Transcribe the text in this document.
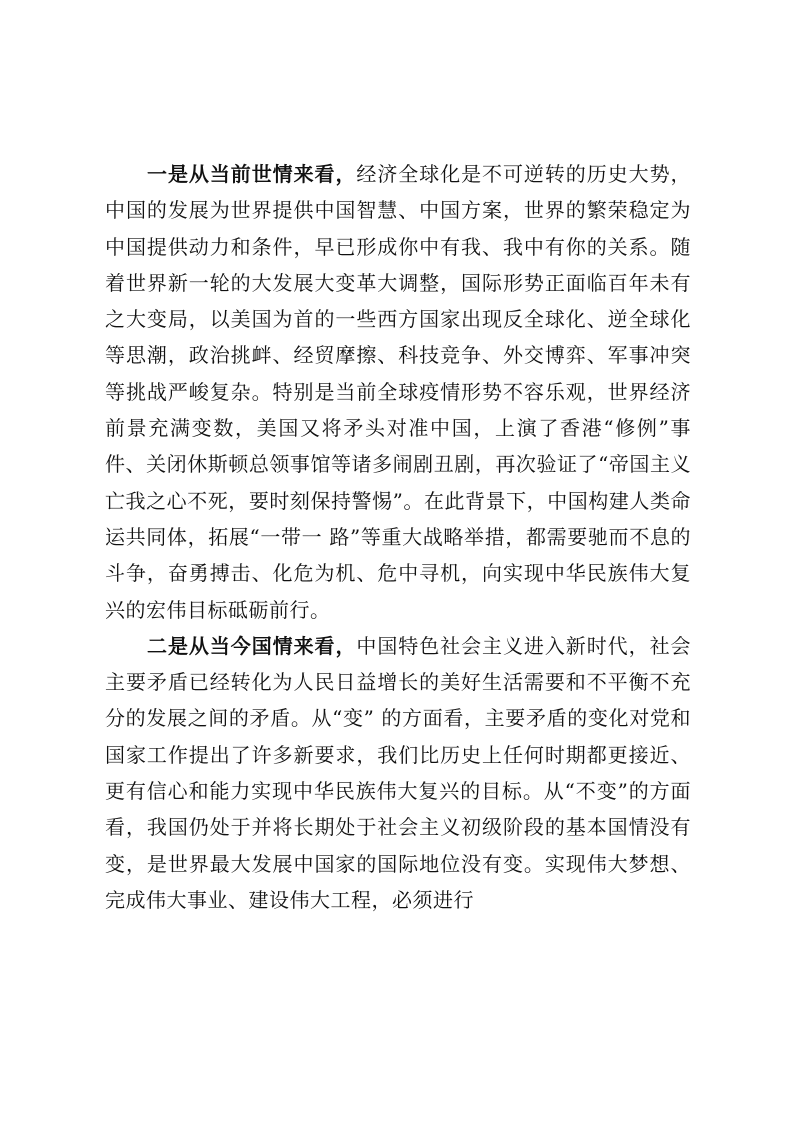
一是从当前世情来看，经济全球化是不可逆转的历史大势，中国的发展为世界提供中国智慧、中国方案，世界的繁荣稳定为中国提供动力和条件，早已形成你中有我、我中有你的关系。随着世界新一轮的大发展大变革大调整，国际形势正面临百年未有之大变局，以美国为首的一些西方国家出现反全球化、逆全球化等思潮，政治挑衅、经贸摩擦、科技竞争、外交博弈、军事冲突等挑战严峻复杂。特别是当前全球疫情形势不容乐观，世界经济前景充满变数，美国又将矛头对准中国，上演了香港“修例”事件、关闭休斯顿总领事馆等诸多闹剧丑剧，再次验证了“帝国主义亡我之心不死，要时刻保持警惕”。在此背景下，中国构建人类命运共同体，拓展“一带一 路”等重大战略举措，都需要驰而不息的斗争，奋勇搏击、化危为机、危中寻机，向实现中华民族伟大复兴的宏伟目标砥砺前行。

二是从当今国情来看，中国特色社会主义进入新时代，社会主要矛盾已经转化为人民日益增长的美好生活需要和不平衡不充分的发展之间的矛盾。从“变” 的方面看，主要矛盾的变化对党和国家工作提出了许多新要求，我们比历史上任何时期都更接近、更有信心和能力实现中华民族伟大复兴的目标。从“不变”的方面看，我国仍处于并将长期处于社会主义初级阶段的基本国情没有变，是世界最大发展中国家的国际地位没有变。实现伟大梦想、完成伟大事业、建设伟大工程，必须进行
